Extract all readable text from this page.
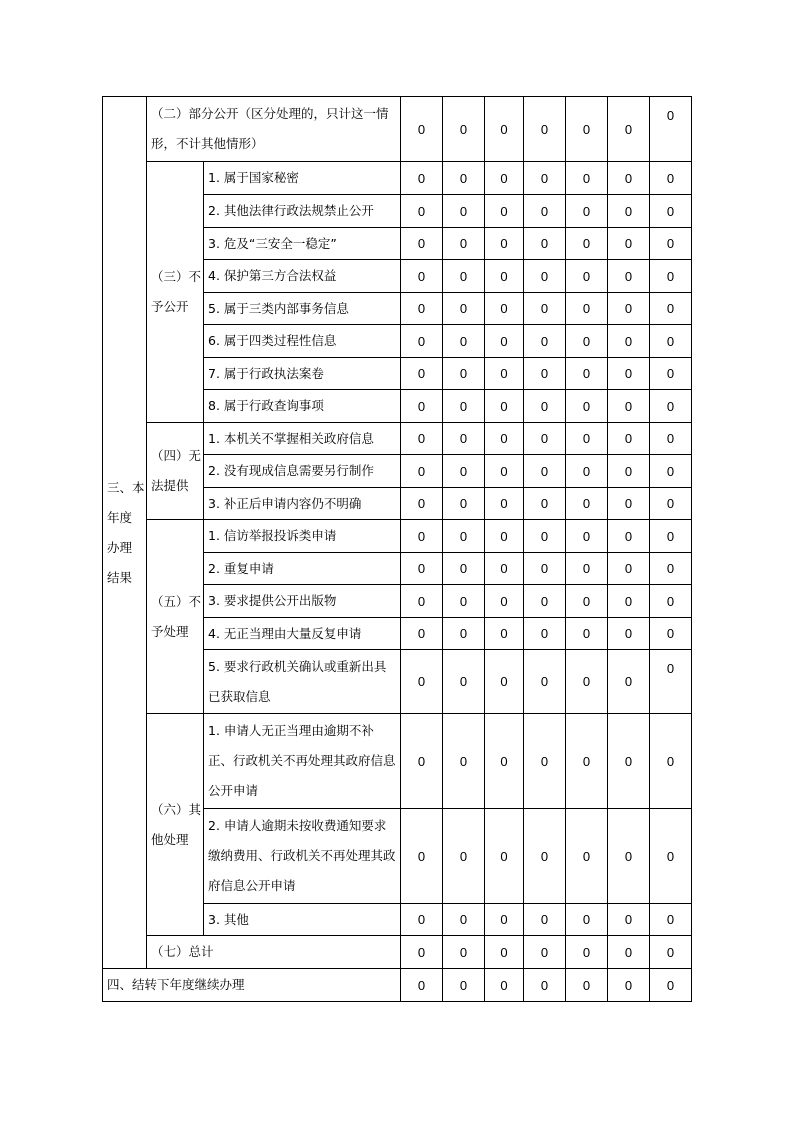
三、本
年度
办理
结果	（二）部分公开（区分处理的，只计这一情形，不计其他情形）		0	0	0	0	0	0	0
	（三）不予公开	1. 属于国家秘密	0	0	0	0	0	0	0
		2. 其他法律行政法规禁止公开	0	0	0	0	0	0	0
		3. 危及“三安全一稳定”	0	0	0	0	0	0	0
		4. 保护第三方合法权益	0	0	0	0	0	0	0
		5. 属于三类内部事务信息	0	0	0	0	0	0	0
		6. 属于四类过程性信息	0	0	0	0	0	0	0
		7. 属于行政执法案卷	0	0	0	0	0	0	0
		8. 属于行政查询事项	0	0	0	0	0	0	0
	（四）无法提供	1. 本机关不掌握相关政府信息	0	0	0	0	0	0	0
		2. 没有现成信息需要另行制作	0	0	0	0	0	0	0
		3. 补正后申请内容仍不明确	0	0	0	0	0	0	0
	（五）不予处理	1. 信访举报投诉类申请	0	0	0	0	0	0	0
		2. 重复申请	0	0	0	0	0	0	0
		3. 要求提供公开出版物	0	0	0	0	0	0	0
		4. 无正当理由大量反复申请	0	0	0	0	0	0	0
		5. 要求行政机关确认或重新出具已获取信息	0	0	0	0	0	0	0
	（六）其他处理	1. 申请人无正当理由逾期不补正、行政机关不再处理其政府信息公开申请	0	0	0	0	0	0	0
		2. 申请人逾期未按收费通知要求缴纳费用、行政机关不再处理其政府信息公开申请	0	0	0	0	0	0	0
		3. 其他	0	0	0	0	0	0	0
	（七）总计		0	0	0	0	0	0	0
四、结转下年度继续办理			0	0	0	0	0	0	0
